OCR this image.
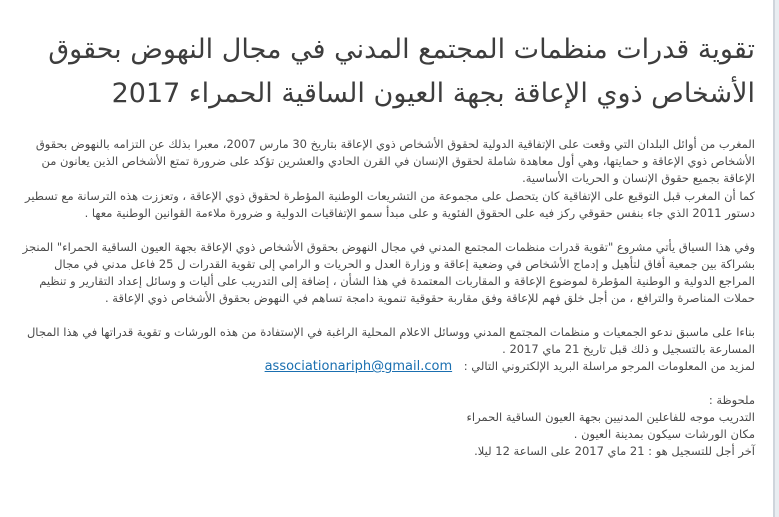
تقوية قدرات منظمات المجتمع المدني في مجال النهوض بحقوق الأشخاص ذوي الإعاقة بجهة العيون الساقية الحمراء 2017

المغرب من أوائل البلدان التي وقعت على الإتفاقية الدولية لحقوق الأشخاص ذوي الإعاقة بتاريخ 30 مارس 2007، معبرا بذلك عن التزامه بالنهوض بحقوق الأشخاص ذوي الإعاقة و حمايتها، وهي أول معاهدة شاملة لحقوق الإنسان في القرن الحادي والعشرين تؤكد على ضرورة تمتع الأشخاص الذين يعانون من الإعاقة بجميع حقوق الإنسان و الحريات الأساسية.

كما أن المغرب قبل التوقيع على الإتفاقية كان يتحصل على مجموعة من التشريعات الوطنية المؤطرة لحقوق ذوي الإعاقة ، وتعززت هذه الترسانة مع تسطير دستور 2011 الذي جاء بنفس حقوقي ركز فيه على الحقوق الفئوية و على مبدأ سمو الإتفاقيات الدولية و ضرورة ملاءمة القوانين الوطنية معها .

وفي هذا السياق يأتي مشروع "تقوية قدرات منظمات المجتمع المدني في مجال النهوض بحقوق الأشخاص ذوي الإعاقة بجهة العيون الساقية الحمراء" المنجز بشراكة بين جمعية أفاق لتأهيل و إدماج الأشخاص في وضعية إعاقة و وزارة العدل و الحريات و الرامي إلى تقوية القدرات ل 25 فاعل مدني في مجال المراجع الدولية و الوطنية المؤطرة لموضوع الإعاقة و المقاربات المعتمدة في هذا الشأن ، إضافة إلى التدريب على أليات و وسائل إعداد التقارير و تنظيم حملات المناصرة والترافع ، من أجل خلق فهم للإعاقة وفق مقاربة حقوقية تنموية دامجة تساهم في النهوض بحقوق الأشخاص ذوي الإعاقة .

بناءا على ماسبق ندعو الجمعيات و منظمات المجتمع المدني ووسائل الاعلام المحلية الراغبة في الإستفادة من هذه الورشات و تقوية قدراتها في هذا المجال المسارعة بالتسجيل و ذلك قبل تاريخ 21 ماي 2017 .

لمزيد من المعلومات المرجو مراسلة البريد الإلكتروني التالي : associationariph@gmail.com

ملحوظة :
التدريب موجه للفاعلين المدنيين بجهة العيون الساقية الحمراء
مكان الورشات سيكون بمدينة العيون .
آخر أجل للتسجيل هو : 21 ماي 2017 على الساعة 12 ليلا.
